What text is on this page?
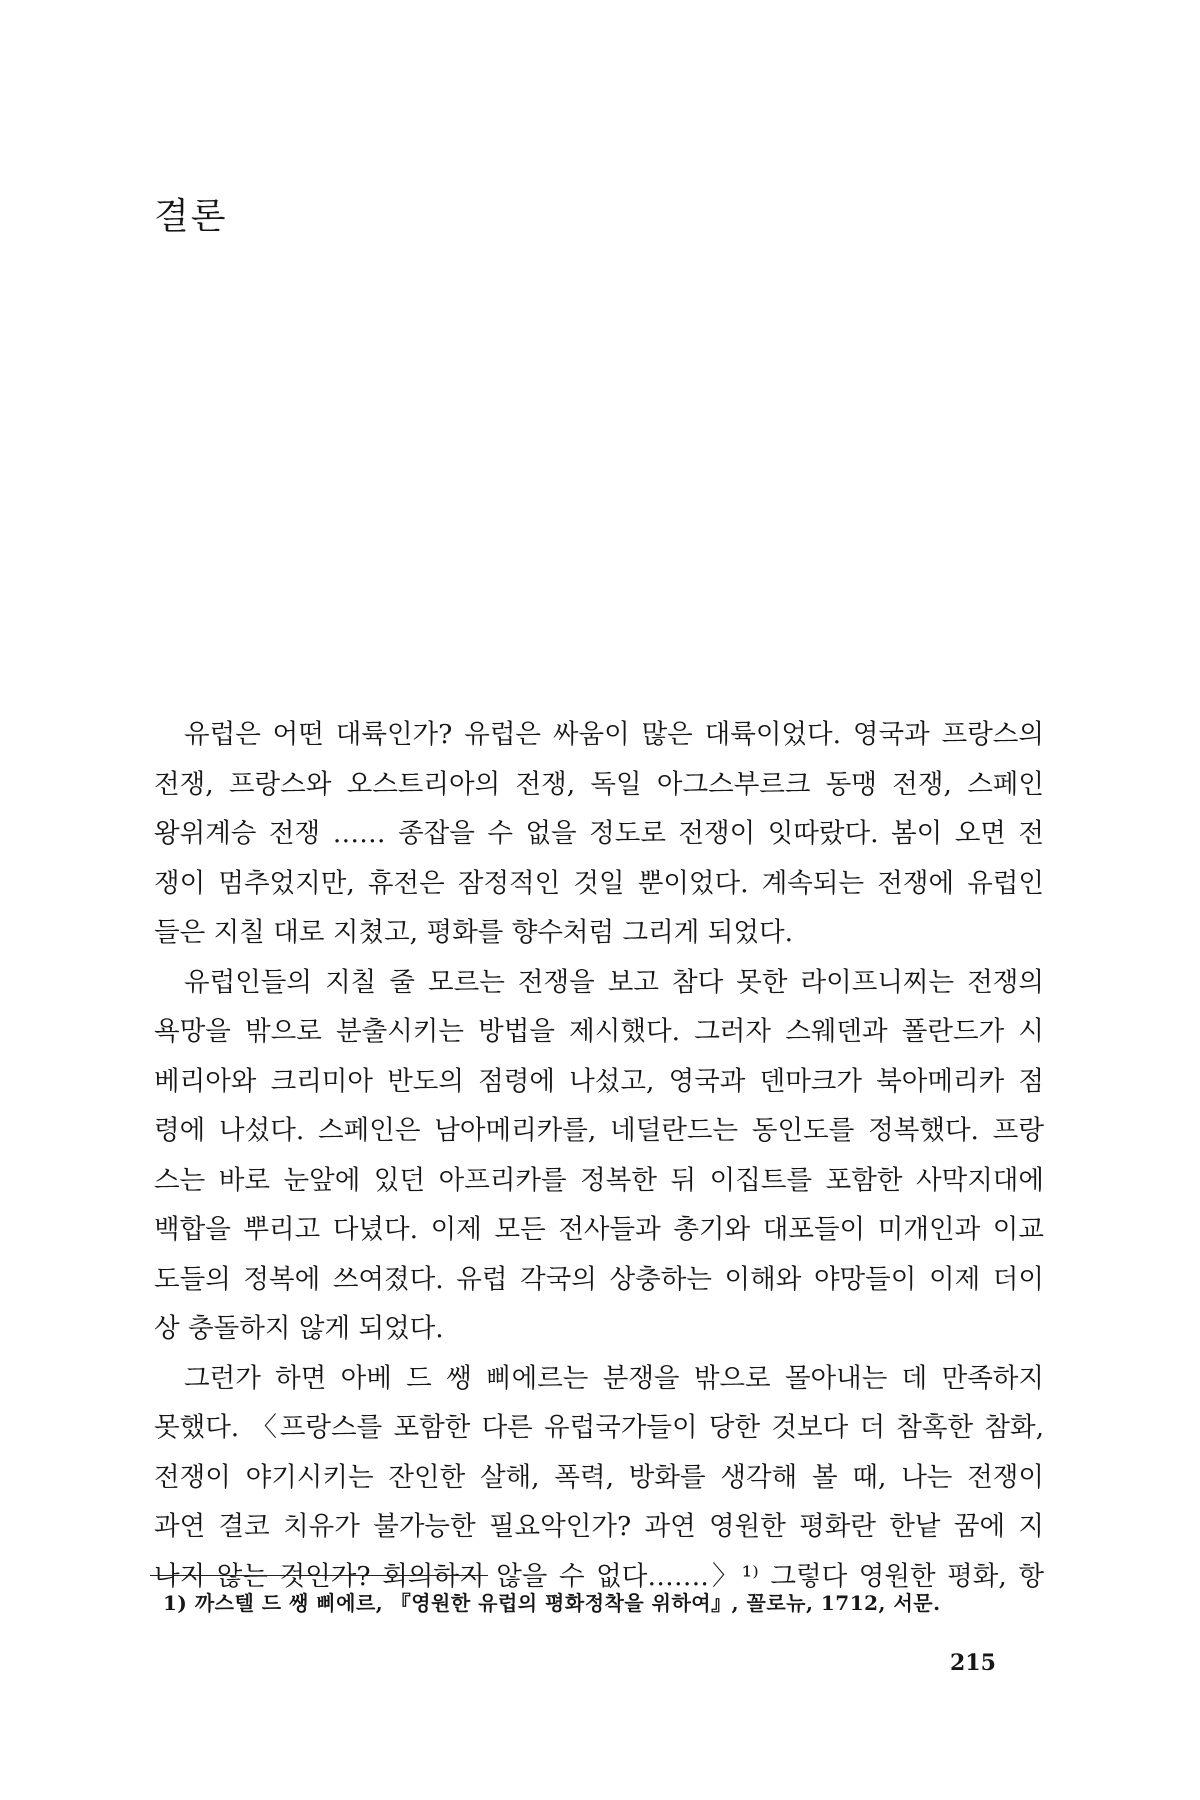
결론

유럽은 어떤 대륙인가? 유럽은 싸움이 많은 대륙이었다. 영국과 프랑스의
전쟁, 프랑스와 오스트리아의 전쟁, 독일 아그스부르크 동맹 전쟁, 스페인
왕위계승 전쟁 …… 종잡을 수 없을 정도로 전쟁이 잇따랐다. 봄이 오면 전
쟁이 멈추었지만, 휴전은 잠정적인 것일 뿐이었다. 계속되는 전쟁에 유럽인
들은 지칠 대로 지쳤고, 평화를 향수처럼 그리게 되었다.

유럽인들의 지칠 줄 모르는 전쟁을 보고 참다 못한 라이프니찌는 전쟁의
욕망을 밖으로 분출시키는 방법을 제시했다. 그러자 스웨덴과 폴란드가 시
베리아와 크리미아 반도의 점령에 나섰고, 영국과 덴마크가 북아메리카 점
령에 나섰다. 스페인은 남아메리카를, 네덜란드는 동인도를 정복했다. 프랑
스는 바로 눈앞에 있던 아프리카를 정복한 뒤 이집트를 포함한 사막지대에
백합을 뿌리고 다녔다. 이제 모든 전사들과 총기와 대포들이 미개인과 이교
도들의 정복에 쓰여졌다. 유럽 각국의 상충하는 이해와 야망들이 이제 더이
상 충돌하지 않게 되었다.

그런가 하면 아베 드 쌩 삐에르는 분쟁을 밖으로 몰아내는 데 만족하지
못했다. 〈프랑스를 포함한 다른 유럽국가들이 당한 것보다 더 참혹한 참화,
전쟁이 야기시키는 잔인한 살해, 폭력, 방화를 생각해 볼 때, 나는 전쟁이
과연 결코 치유가 불가능한 필요악인가? 과연 영원한 평화란 한낱 꿈에 지
나지 않는 것인가? 회의하지 않을 수 없다…….〉¹⁾ 그렇다 영원한 평화, 항

1) 까스텔 드 쌩 삐에르, 『영원한 유럽의 평화정착을 위하여』, 꼴로뉴, 1712, 서문.

215
